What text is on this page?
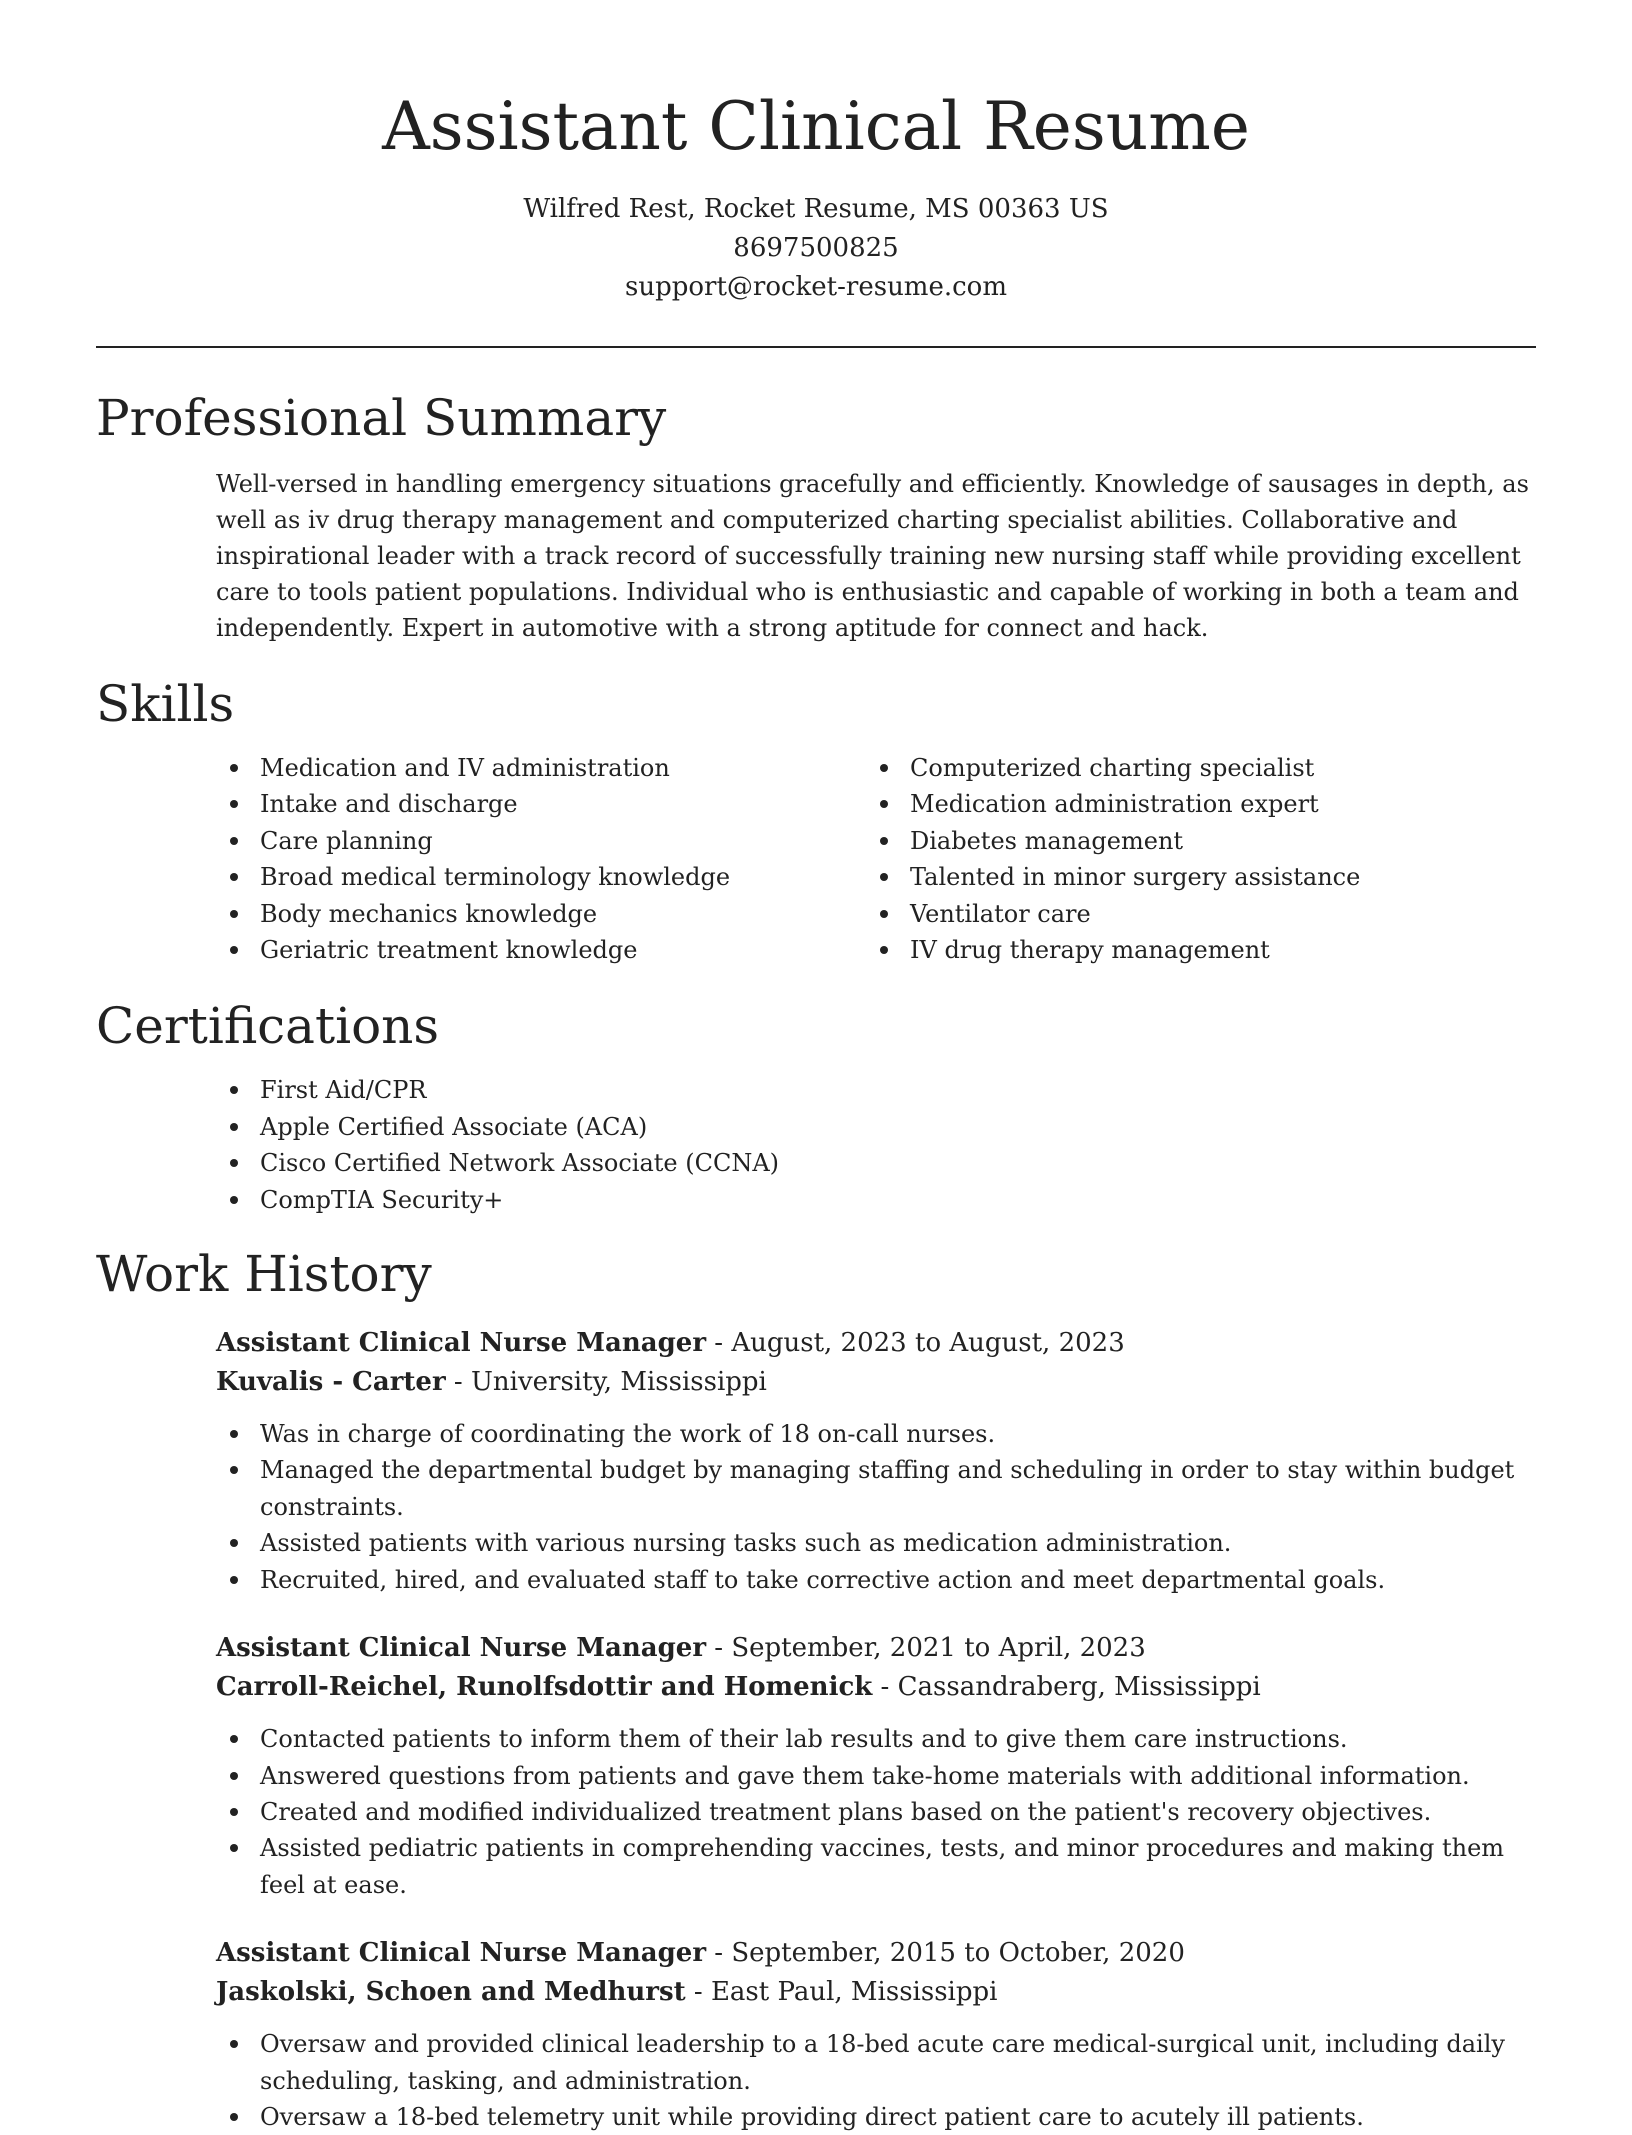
Assistant Clinical Resume
Wilfred Rest, Rocket Resume, MS 00363 US
8697500825
support@rocket-resume.com
Professional Summary

Well-versed in handling emergency situations gracefully and efficiently. Knowledge of sausages in depth, as well as iv drug therapy management and computerized charting specialist abilities. Collaborative and inspirational leader with a track record of successfully training new nursing staff while providing excellent care to tools patient populations. Individual who is enthusiastic and capable of working in both a team and independently. Expert in automotive with a strong aptitude for connect and hack.

Skills
Medication and IV administration
Intake and discharge
Care planning
Broad medical terminology knowledge
Body mechanics knowledge
Geriatric treatment knowledge
Computerized charting specialist
Medication administration expert
Diabetes management
Talented in minor surgery assistance
Ventilator care
IV drug therapy management
Certifications
First Aid/CPR
Apple Certified Associate (ACA)
Cisco Certified Network Associate (CCNA)
CompTIA Security+
Work History
Assistant Clinical Nurse Manager - August, 2023 to August, 2023
Kuvalis - Carter - University, Mississippi
Was in charge of coordinating the work of 18 on-call nurses.
Managed the departmental budget by managing staffing and scheduling in order to stay within budget constraints.
Assisted patients with various nursing tasks such as medication administration.
Recruited, hired, and evaluated staff to take corrective action and meet departmental goals.
Assistant Clinical Nurse Manager - September, 2021 to April, 2023
Carroll-Reichel, Runolfsdottir and Homenick - Cassandraberg, Mississippi
Contacted patients to inform them of their lab results and to give them care instructions.
Answered questions from patients and gave them take-home materials with additional information.
Created and modified individualized treatment plans based on the patient's recovery objectives.
Assisted pediatric patients in comprehending vaccines, tests, and minor procedures and making them feel at ease.
Assistant Clinical Nurse Manager - September, 2015 to October, 2020
Jaskolski, Schoen and Medhurst - East Paul, Mississippi
Oversaw and provided clinical leadership to a 18-bed acute care medical-surgical unit, including daily scheduling, tasking, and administration.
Oversaw a 18-bed telemetry unit while providing direct patient care to acutely ill patients.
